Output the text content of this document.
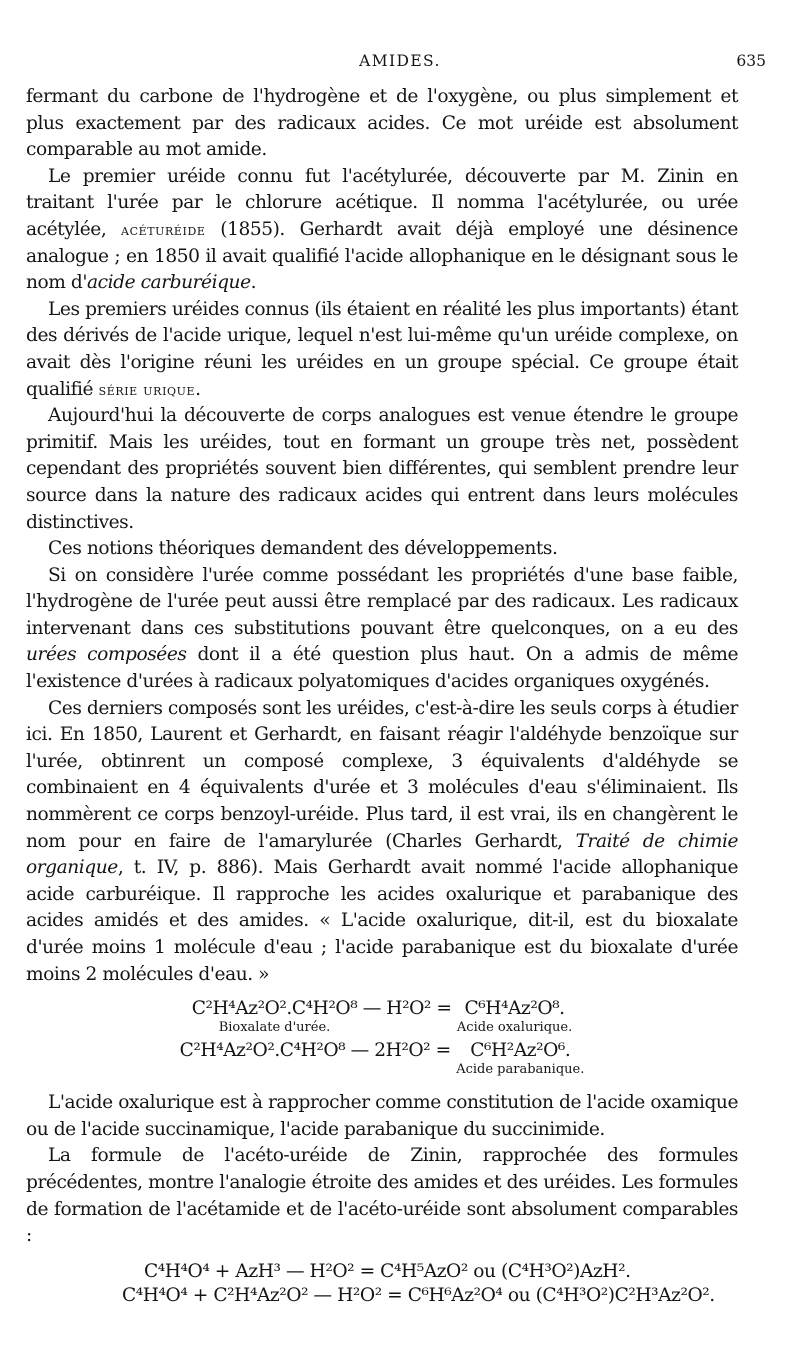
AMIDES.	635

fermant du carbone de l'hydrogène et de l'oxygène, ou plus simplement et plus exactement par des radicaux acides. Ce mot uréide est absolument comparable au mot amide.

Le premier uréide connu fut l'acétylurée, découverte par M. Zinin en traitant l'urée par le chlorure acétique. Il nomma l'acétylurée, ou urée acétylée, acéturéide (1855). Gerhardt avait déjà employé une désinence analogue ; en 1850 il avait qualifié l'acide allophanique en le désignant sous le nom d'acide carburéique.

Les premiers uréides connus (ils étaient en réalité les plus importants) étant des dérivés de l'acide urique, lequel n'est lui-même qu'un uréide complexe, on avait dès l'origine réuni les uréides en un groupe spécial. Ce groupe était qualifié série urique.

Aujourd'hui la découverte de corps analogues est venue étendre le groupe primitif. Mais les uréides, tout en formant un groupe très net, possèdent cependant des propriétés souvent bien différentes, qui semblent prendre leur source dans la nature des radicaux acides qui entrent dans leurs molécules distinctives.

Ces notions théoriques demandent des développements.

Si on considère l'urée comme possédant les propriétés d'une base faible, l'hydrogène de l'urée peut aussi être remplacé par des radicaux. Les radicaux intervenant dans ces substitutions pouvant être quelconques, on a eu des urées composées dont il a été question plus haut. On a admis de même l'existence d'urées à radicaux polyatomiques d'acides organiques oxygénés.

Ces derniers composés sont les uréides, c'est-à-dire les seuls corps à étudier ici. En 1850, Laurent et Gerhardt, en faisant réagir l'aldéhyde benzoïque sur l'urée, obtinrent un composé complexe, 3 équivalents d'aldéhyde se combinaient en 4 équivalents d'urée et 3 molécules d'eau s'éliminaient. Ils nommèrent ce corps benzoyl-uréide. Plus tard, il est vrai, ils en changèrent le nom pour en faire de l'amarylurée (Charles Gerhardt, Traité de chimie organique, t. IV, p. 886). Mais Gerhardt avait nommé l'acide allophanique acide carburéique. Il rapproche les acides oxalurique et parabanique des acides amidés et des amides. « L'acide oxalurique, dit-il, est du bioxalate d'urée moins 1 molécule d'eau ; l'acide parabanique est du bioxalate d'urée moins 2 molécules d'eau. »

C²H⁴Az²O².C⁴H²O⁸
Bioxalate d'urée.
— H²O² = C⁶H⁴Az²O⁸.
Acide oxalurique.
C²H⁴Az²O².C⁴H²O⁸ — 2H²O² = C⁶H²Az²O⁶.
Acide parabanique.

L'acide oxalurique est à rapprocher comme constitution de l'acide oxamique ou de l'acide succinamique, l'acide parabanique du succinimide.

La formule de l'acéto-uréide de Zinin, rapprochée des formules précédentes, montre l'analogie étroite des amides et des uréides. Les formules de formation de l'acétamide et de l'acéto-uréide sont absolument comparables :

C⁴H⁴O⁴ + AzH³ — H²O² = C⁴H⁵AzO² ou (C⁴H³O²)AzH².
C⁴H⁴O⁴ + C²H⁴Az²O² — H²O² = C⁶H⁶Az²O⁴ ou (C⁴H³O²)C²H³Az²O².
